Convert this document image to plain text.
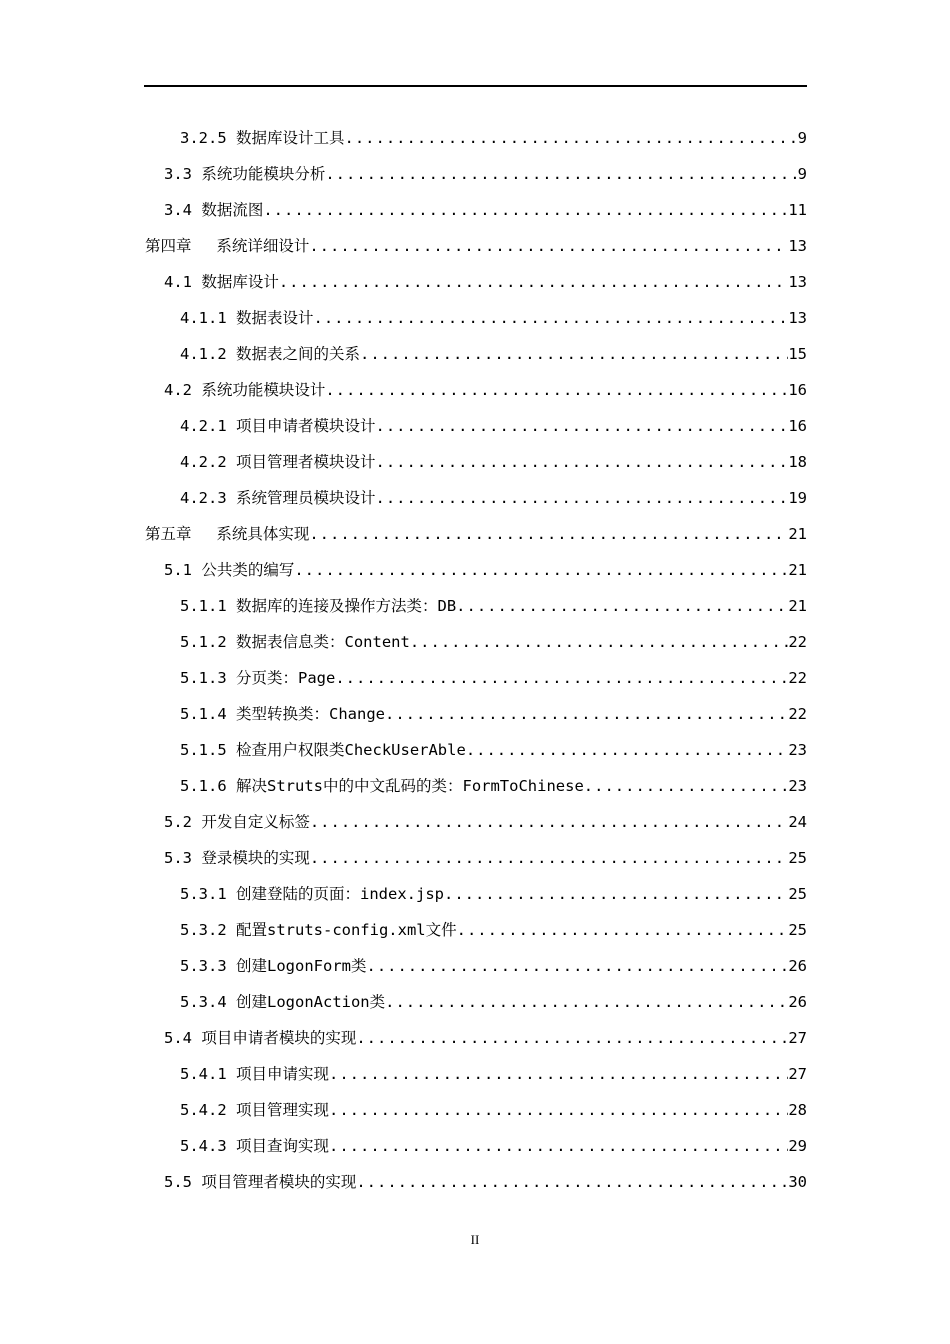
3.2.5 数据库设计工具 .....	9
3.3 系统功能模块分析 .....	9
3.4 数据流图 .....	11
第四章　 系统详细设计 .....	13
4.1 数据库设计 .....	13
4.1.1 数据表设计 .....	13
4.1.2 数据表之间的关系 .....	15
4.2 系统功能模块设计 .....	16
4.2.1 项目申请者模块设计 .....	16
4.2.2 项目管理者模块设计 .....	18
4.2.3 系统管理员模块设计 .....	19
第五章　 系统具体实现 .....	21
5.1 公共类的编写 .....	21
5.1.1 数据库的连接及操作方法类：DB .....	21
5.1.2 数据表信息类：Content .....	22
5.1.3 分页类：Page .....	22
5.1.4 类型转换类：Change .....	22
5.1.5 检查用户权限类CheckUserAble .....	23
5.1.6 解决Struts中的中文乱码的类：FormToChinese .....	23
5.2 开发自定义标签 .....	24
5.3 登录模块的实现 .....	25
5.3.1 创建登陆的页面：index.jsp .....	25
5.3.2 配置struts-config.xml文件 .....	25
5.3.3 创建LogonForm类 .....	26
5.3.4 创建LogonAction类 .....	26
5.4 项目申请者模块的实现 .....	27
5.4.1 项目申请实现 .....	27
5.4.2 项目管理实现 .....	28
5.4.3 项目查询实现 .....	29
5.5 项目管理者模块的实现 .....	30
II
